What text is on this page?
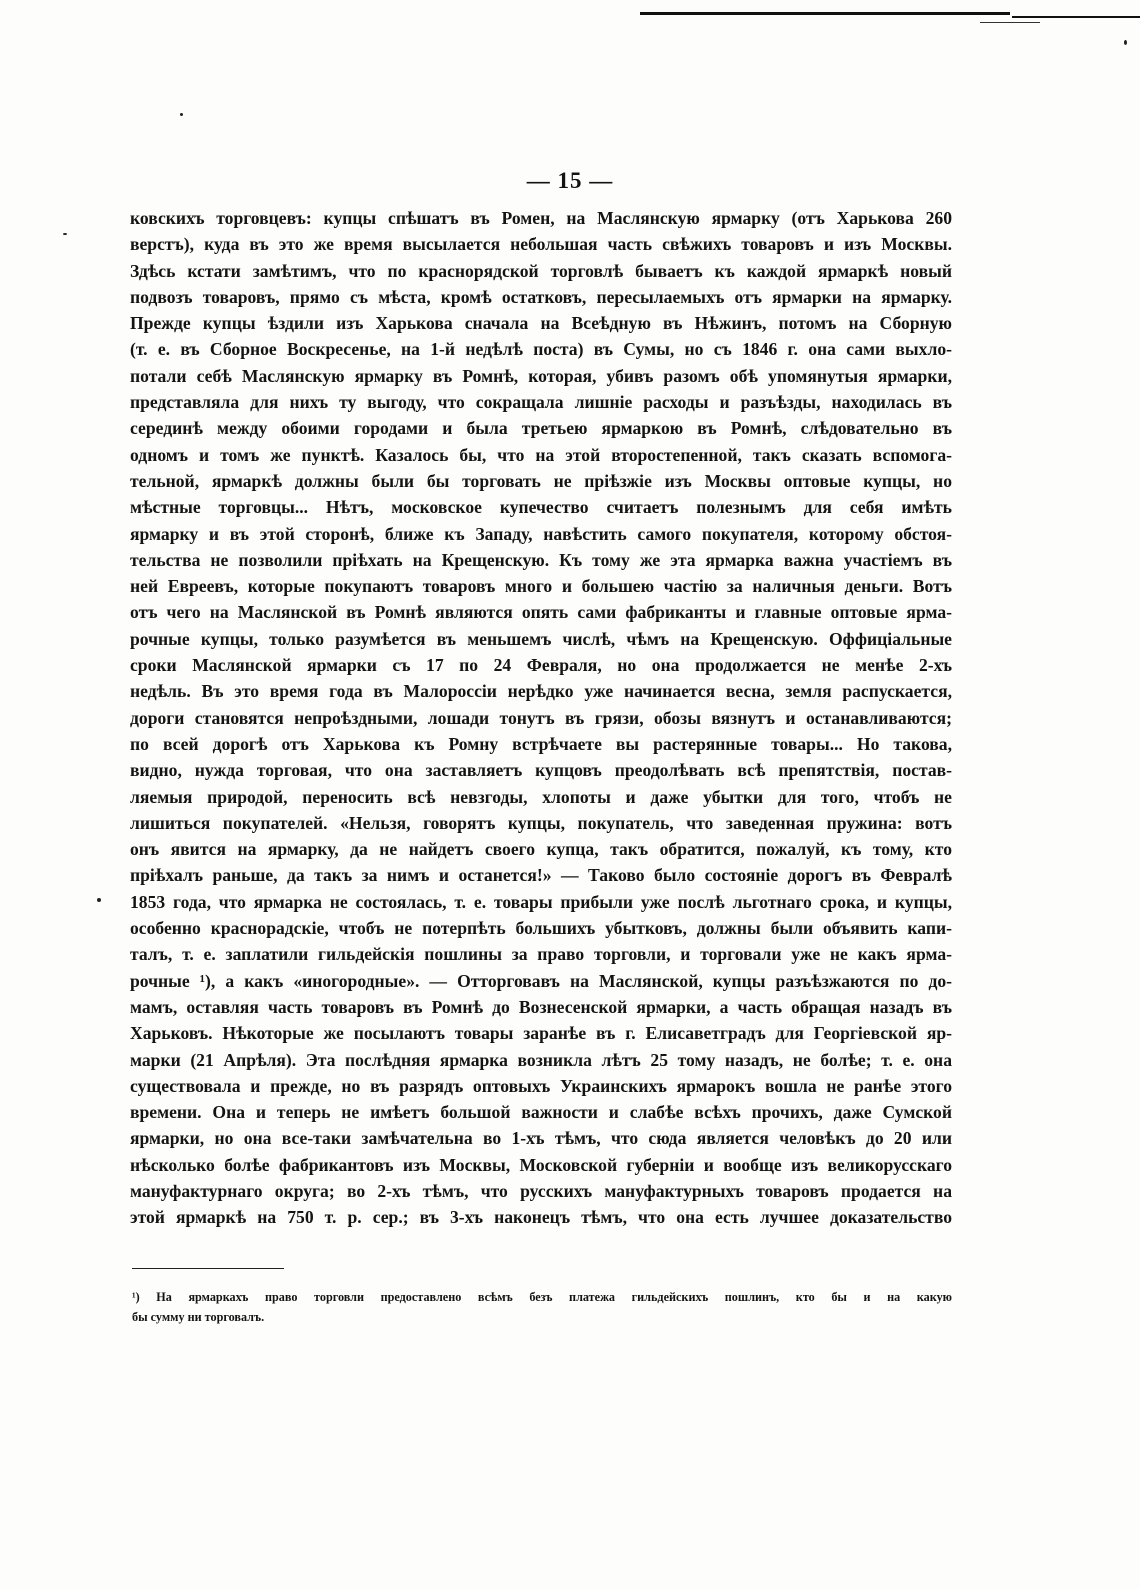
— 15 —
ковскихъ торговцевъ: купцы спѣшатъ въ Ромен, на Маслянскую ярмарку (отъ Харькова 260
верстъ), куда въ это же время высылается небольшая часть свѣжихъ товаровъ и изъ Москвы.
Здѣсь кстати замѣтимъ, что по краснорядской торговлѣ бываетъ къ каждой ярмаркѣ новый
подвозъ товаровъ, прямо съ мѣста, кромѣ остатковъ, пересылаемыхъ отъ ярмарки на ярмарку.
Прежде купцы ѣздили изъ Харькова сначала на Всеѣдную въ Нѣжинъ, потомъ на Сборную
(т. е. въ Сборное Воскресенье, на 1-й недѣлѣ поста) въ Сумы, но съ 1846 г. она сами выхло-
потали себѣ Маслянскую ярмарку въ Ромнѣ, которая, убивъ разомъ обѣ упомянутыя ярмарки,
представляла для нихъ ту выгоду, что сокращала лишніе расходы и разъѣзды, находилась въ
серединѣ между обоими городами и была третьею ярмаркою въ Ромнѣ, слѣдовательно въ
одномъ и томъ же пунктѣ. Казалось бы, что на этой второстепенной, такъ сказать вспомога-
тельной, ярмаркѣ должны были бы торговать не пріѣзжіе изъ Москвы оптовые купцы, но
мѣстные торговцы... Нѣтъ, московское купечество считаетъ полезнымъ для себя имѣть
ярмарку и въ этой сторонѣ, ближе къ Западу, навѣстить самого покупателя, которому обстоя-
тельства не позволили пріѣхать на Крещенскую. Къ тому же эта ярмарка важна участіемъ въ
ней Евреевъ, которые покупаютъ товаровъ много и большею частію за наличныя деньги. Вотъ
отъ чего на Маслянской въ Ромнѣ являются опять сами фабриканты и главные оптовые ярма-
рочные купцы, только разумѣется въ меньшемъ числѣ, чѣмъ на Крещенскую. Оффиціальные
сроки Маслянской ярмарки съ 17 по 24 Февраля, но она продолжается не менѣе 2-хъ
недѣль. Въ это время года въ Малороссіи нерѣдко уже начинается весна, земля распускается,
дороги становятся непроѣздными, лошади тонутъ въ грязи, обозы вязнутъ и останавливаются;
по всей дорогѣ отъ Харькова къ Ромну встрѣчаете вы растерянные товары... Но такова,
видно, нужда торговая, что она заставляетъ купцовъ преодолѣвать всѣ препятствія, постав-
ляемыя природой, переносить всѣ невзгоды, хлопоты и даже убытки для того, чтобъ не
лишиться покупателей. «Нельзя, говорятъ купцы, покупатель, что заведенная пружина: вотъ
онъ явится на ярмарку, да не найдетъ своего купца, такъ обратится, пожалуй, къ тому, кто
пріѣхалъ раньше, да такъ за нимъ и останется!» — Таково было состояніе дорогъ въ Февралѣ
1853 года, что ярмарка не состоялась, т. е. товары прибыли уже послѣ льготнаго срока, и купцы,
особенно краснорадскіе, чтобъ не потерпѣть большихъ убытковъ, должны были объявить капи-
талъ, т. е. заплатили гильдейскія пошлины за право торговли, и торговали уже не какъ ярма-
рочные ¹), а какъ «иногородные». — Отторговавъ на Маслянской, купцы разъѣзжаются по до-
мамъ, оставляя часть товаровъ въ Ромнѣ до Вознесенской ярмарки, а часть обращая назадъ въ
Харьковъ. Нѣкоторые же посылаютъ товары заранѣе въ г. Елисаветградъ для Георгіевской яр-
марки (21 Апрѣля). Эта послѣдняя ярмарка возникла лѣтъ 25 тому назадъ, не болѣе; т. е. она
существовала и прежде, но въ разрядъ оптовыхъ Украинскихъ ярмарокъ вошла не ранѣе этого
времени. Она и теперь не имѣетъ большой важности и слабѣе всѣхъ прочихъ, даже Сумской
ярмарки, но она все-таки замѣчательна во 1-хъ тѣмъ, что сюда является человѣкъ до 20 или
нѣсколько болѣе фабрикантовъ изъ Москвы, Московской губерніи и вообще изъ великорусскаго
мануфактурнаго округа; во 2-хъ тѣмъ, что русскихъ мануфактурныхъ товаровъ продается на
этой ярмаркѣ на 750 т. р. сер.; въ 3-хъ наконецъ тѣмъ, что она есть лучшее доказательство
¹) На ярмаркахъ право торговли предоставлено всѣмъ безъ платежа гильдейскихъ пошлинъ, кто бы и на какую
бы сумму ни торговалъ.
